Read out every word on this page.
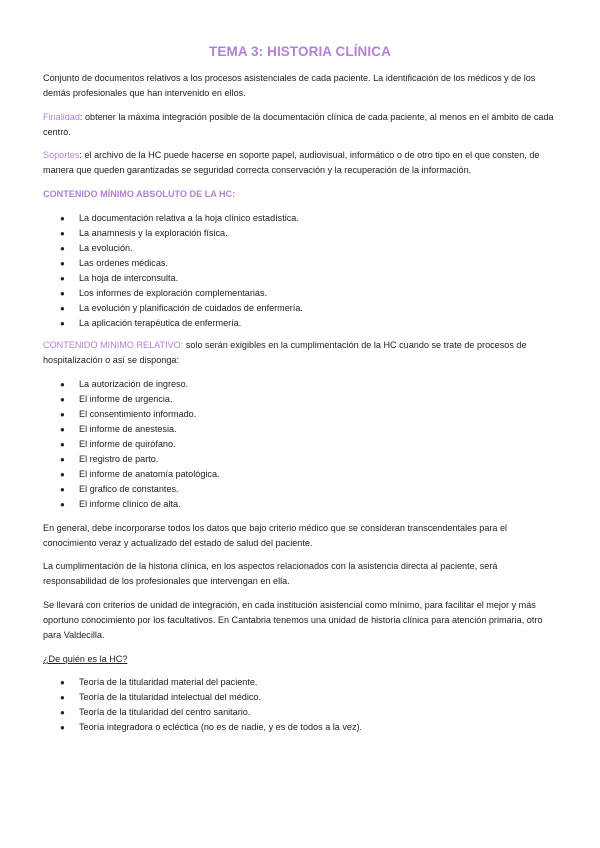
TEMA 3: HISTORIA CLÍNICA
Conjunto de documentos relativos a los procesos asistenciales de cada paciente. La identificación de los médicos y de los demás profesionales que han intervenido en ellos.
Finalidad: obtener la máxima integración posible de la documentación clínica de cada paciente, al menos en el ámbito de cada centro.
Soportes: el archivo de la HC puede hacerse en soporte papel, audiovisual, informático o de otro tipo en el que consten, de manera que queden garantizadas se seguridad correcta conservación y la recuperación de la información.
CONTENIDO MÍNIMO ABSOLUTO DE LA HC:
● La documentación relativa a la hoja clínico estadística.
● La anamnesis y la exploración física.
● La evolución.
● Las ordenes médicas.
● La hoja de interconsulta.
● Los informes de exploración complementarias.
● La evolución y planificación de cuidados de enfermería.
● La aplicación terapéutica de enfermería.
CONTENIDO MINIMO RELATIVO: solo serán exigibles en la cumplimentación de la HC cuando se trate de procesos de hospitalización o así se disponga:
● La autorización de ingreso.
● El informe de urgencia.
● El consentimiento informado.
● El informe de anestesia.
● El informe de quirófano.
● El registro de parto.
● El informe de anatomía patológica.
● El grafico de constantes.
● El informe clínico de alta.
En general, debe incorporarse todos los datos que bajo criterio médico que se consideran transcendentales para el conocimiento veraz y actualizado del estado de salud del paciente.
La cumplimentación de la historia clínica, en los aspectos relacionados con la asistencia directa al paciente, será responsabilidad de los profesionales que intervengan en ella.
Se llevará con criterios de unidad de integración, en cada institución asistencial como mínimo, para facilitar el mejor y más oportuno conocimiento por los facultativos. En Cantabria tenemos una unidad de historia clínica para atención primaria, otro para Valdecilla.
¿De quién es la HC?
● Teoría de la titularidad material del paciente.
● Teoría de la titularidad intelectual del médico.
● Teoría de la titularidad del centro sanitario.
● Teoría integradora o ecléctica (no es de nadie, y es de todos a la vez).
